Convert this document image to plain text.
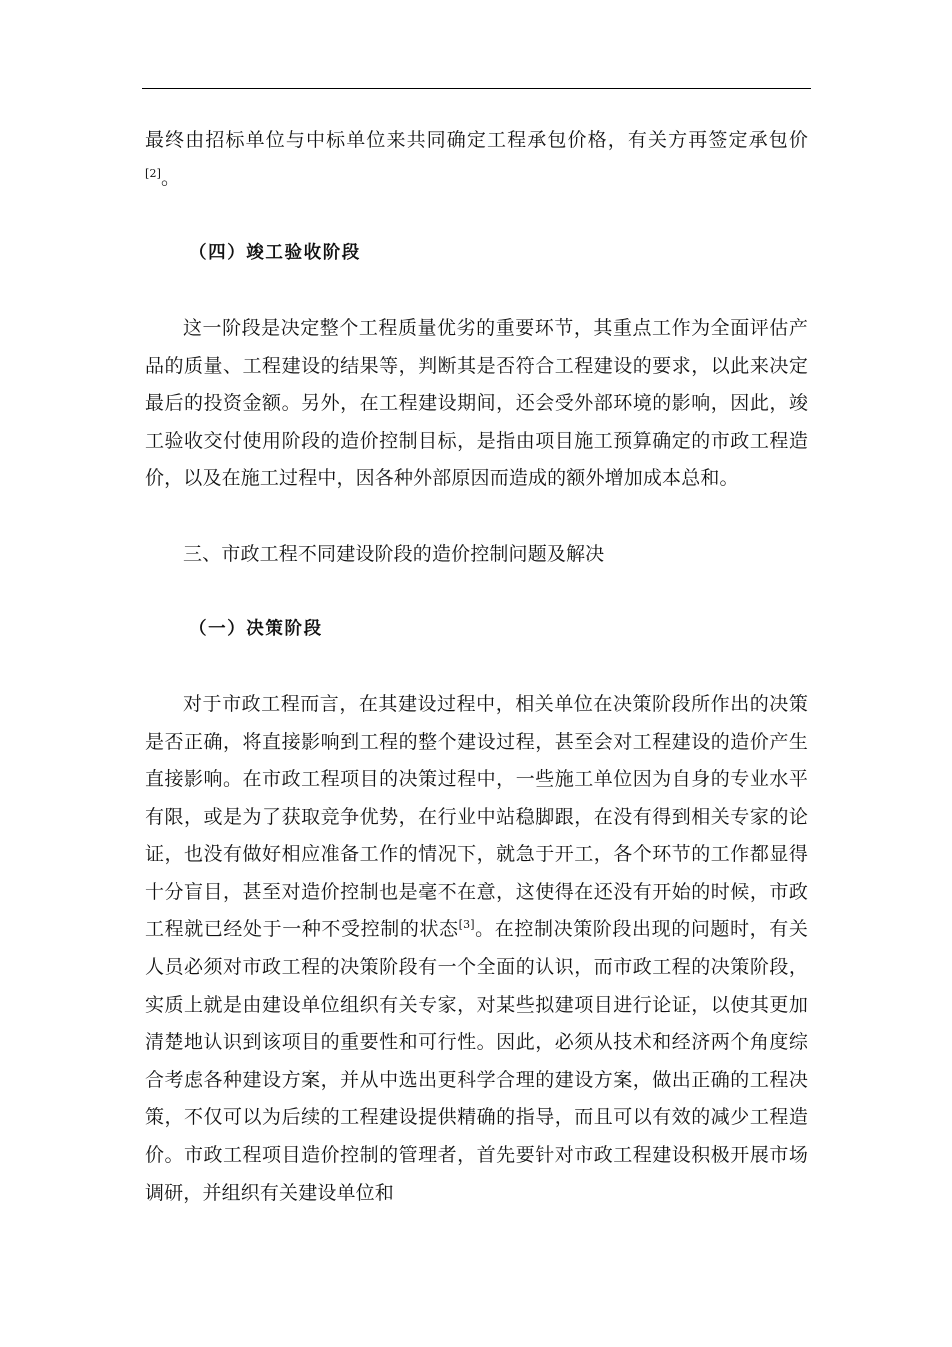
最终由招标单位与中标单位来共同确定工程承包价格，有关方再签定承包价[2]。

（四）竣工验收阶段

这一阶段是决定整个工程质量优劣的重要环节，其重点工作为全面评估产品的质量、工程建设的结果等，判断其是否符合工程建设的要求，以此来决定最后的投资金额。另外，在工程建设期间，还会受外部环境的影响，因此，竣工验收交付使用阶段的造价控制目标，是指由项目施工预算确定的市政工程造价，以及在施工过程中，因各种外部原因而造成的额外增加成本总和。

三、市政工程不同建设阶段的造价控制问题及解决

（一）决策阶段

对于市政工程而言，在其建设过程中，相关单位在决策阶段所作出的决策是否正确，将直接影响到工程的整个建设过程，甚至会对工程建设的造价产生直接影响。在市政工程项目的决策过程中，一些施工单位因为自身的专业水平有限，或是为了获取竞争优势，在行业中站稳脚跟，在没有得到相关专家的论证，也没有做好相应准备工作的情况下，就急于开工，各个环节的工作都显得十分盲目，甚至对造价控制也是毫不在意，这使得在还没有开始的时候，市政工程就已经处于一种不受控制的状态[3]。在控制决策阶段出现的问题时，有关人员必须对市政工程的决策阶段有一个全面的认识，而市政工程的决策阶段，实质上就是由建设单位组织有关专家，对某些拟建项目进行论证，以使其更加清楚地认识到该项目的重要性和可行性。因此，必须从技术和经济两个角度综合考虑各种建设方案，并从中选出更科学合理的建设方案，做出正确的工程决策，不仅可以为后续的工程建设提供精确的指导，而且可以有效的减少工程造价。市政工程项目造价控制的管理者，首先要针对市政工程建设积极开展市场调研，并组织有关建设单位和
